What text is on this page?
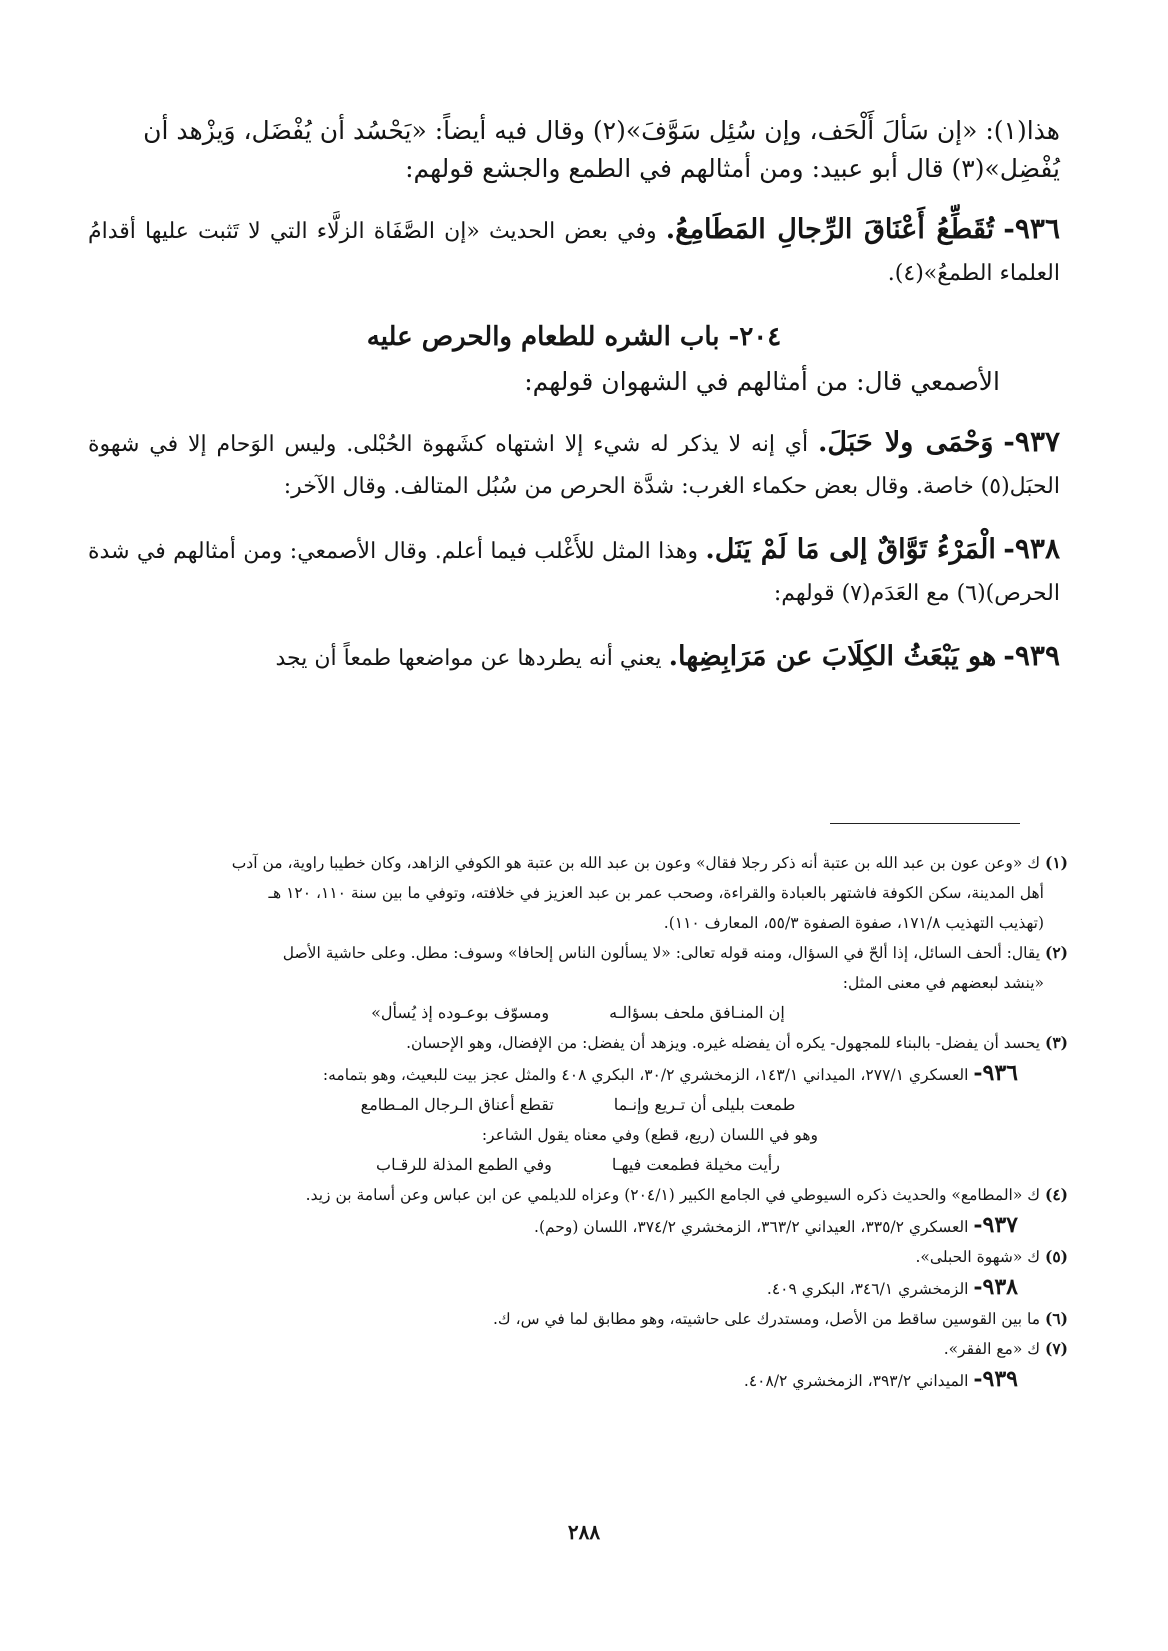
هذا(١): «إن سَألَ أَلْحَف، وإن سُئِل سَوَّفَ»(٢) وقال فيه أيضاً: «يَحْسُد أن يُفْضَل، وَيزْهد أن
يُفْضِل»(٣) قال أبو عبيد: ومن أمثالهم في الطمع والجشع قولهم:
٩٣٦- تُقَطِّعُ أَعْنَاقَ الرِّجالِ المَطَامِعُ. وفي بعض الحديث «إن الصَّفَاة الزلَّاء التي لا تَثبت عليها أقدامُ العلماء الطمعُ»(٤).
٢٠٤- باب الشره للطعام والحرص عليه
الأصمعي قال: من أمثالهم في الشهوان قولهم:
٩٣٧- وَحْمَى ولا حَبَلَ. أي إنه لا يذكر له شيء إلا اشتهاه كشَهوة الحُبْلى. وليس الوَحام إلا في شهوة الحبَل(٥) خاصة. وقال بعض حكماء الغرب: شدَّة الحرص من سُبُل المتالف. وقال الآخر:
٩٣٨- الْمَرْءُ تَوَّاقٌ إلى مَا لَمْ يَنَل. وهذا المثل للأَغْلب فيما أعلم. وقال الأصمعي: ومن أمثالهم في شدة الحرص)(٦) مع العَدَم(٧) قولهم:
٩٣٩- هو يَبْعَثُ الكِلَابَ عن مَرَابِضِها. يعني أنه يطردها عن مواضعها طمعاً أن يجد
(١) ك «وعن عون بن عبد الله بن عتبة أنه ذكر رجلا فقال» وعون بن عبد الله بن عتبة هو الكوفي الزاهد، وكان خطيبا راوية، من آدب
أهل المدينة، سكن الكوفة فاشتهر بالعبادة والقراءة، وصحب عمر بن عبد العزيز في خلافته، وتوفي ما بين سنة ١١٠، ١٢٠ هـ
(تهذيب التهذيب ١٧١/٨، صفوة الصفوة ٥٥/٣، المعارف ١١٠).
(٢) يقال: ألحف السائل، إذا ألحّ في السؤال، ومنه قوله تعالى: «لا يسألون الناس إلحافا» وسوف: مطل. وعلى حاشية الأصل
«ينشد لبعضهم في معنى المثل:
إن المنـافق ملحف بسؤالـه
ومسوّف بوعـوده إذ يُسأل»
(٣) يحسد أن يفضل- بالبناء للمجهول- يكره أن يفضله غيره. ويزهد أن يفضل: من الإفضال، وهو الإحسان.
٩٣٦- العسكري ٢٧٧/١، الميداني ١٤٣/١، الزمخشري ٣٠/٢، البكري ٤٠٨ والمثل عجز بيت للبعيث، وهو بتمامه:
طمعت بليلى أن تـريع وإنـما
تقطع أعناق الـرجال المـطامع
وهو في اللسان (ريع، قطع) وفي معناه يقول الشاعر:
رأيت مخيلة فطمعت فيهـا
وفي الطمع المذلة للرقـاب
(٤) ك «المطامع» والحديث ذكره السيوطي في الجامع الكبير (٢٠٤/١) وعزاه للديلمي عن ابن عباس وعن أسامة بن زيد.
٩٣٧- العسكري ٣٣٥/٢، العيداني ٣٦٣/٢، الزمخشري ٣٧٤/٢، اللسان (وحم).
(٥) ك «شهوة الحبلى».
٩٣٨- الزمخشري ٣٤٦/١، البكري ٤٠٩.
(٦) ما بين القوسين ساقط من الأصل، ومستدرك على حاشيته، وهو مطابق لما في س، ك.
(٧) ك «مع الفقر».
٩٣٩- الميداني ٣٩٣/٢، الزمخشري ٤٠٨/٢.
٢٨٨
